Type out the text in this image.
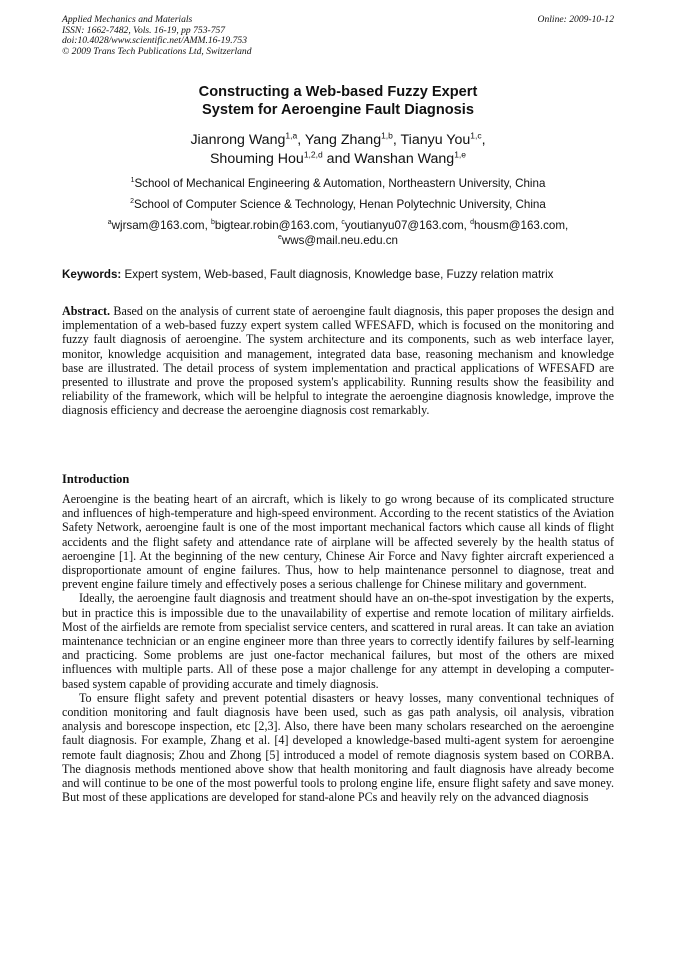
Applied Mechanics and Materials
ISSN: 1662-7482, Vols. 16-19, pp 753-757
doi:10.4028/www.scientific.net/AMM.16-19.753
© 2009 Trans Tech Publications Ltd, Switzerland
Online: 2009-10-12
Constructing a Web-based Fuzzy Expert
System for Aeroengine Fault Diagnosis
Jianrong Wang$^{1,a}$, Yang Zhang$^{1,b}$, Tianyu You$^{1,c}$,
Shouming Hou$^{1,2,d}$ and Wanshan Wang$^{1,e}$
$^1$School of Mechanical Engineering & Automation, Northeastern University, China
$^2$School of Computer Science & Technology, Henan Polytechnic University, China
$^a$wjrsam@163.com, $^b$bigtear.robin@163.com, $^c$youtianyu07@163.com, $^d$housm@163.com,
$^e$wws@mail.neu.edu.cn
Keywords: Expert system, Web-based, Fault diagnosis, Knowledge base, Fuzzy relation matrix
Abstract. Based on the analysis of current state of aeroengine fault diagnosis, this paper proposes the design and implementation of a web-based fuzzy expert system called WFESAFD, which is focused on the monitoring and fuzzy fault diagnosis of aeroengine. The system architecture and its components, such as web interface layer, monitor, knowledge acquisition and management, integrated data base, reasoning mechanism and knowledge base are illustrated. The detail process of system implementation and practical applications of WFESAFD are presented to illustrate and prove the proposed system's applicability. Running results show the feasibility and reliability of the framework, which will be helpful to integrate the aeroengine diagnosis knowledge, improve the diagnosis efficiency and decrease the aeroengine diagnosis cost remarkably.
Introduction

Aeroengine is the beating heart of an aircraft, which is likely to go wrong because of its complicated structure and influences of high-temperature and high-speed environment. According to the recent statistics of the Aviation Safety Network, aeroengine fault is one of the most important mechanical factors which cause all kinds of flight accidents and the flight safety and attendance rate of airplane will be affected severely by the health status of aeroengine [1]. At the beginning of the new century, Chinese Air Force and Navy fighter aircraft experienced a disproportionate amount of engine failures. Thus, how to help maintenance personnel to diagnose, treat and prevent engine failure timely and effectively poses a serious challenge for Chinese military and government.

Ideally, the aeroengine fault diagnosis and treatment should have an on-the-spot investigation by the experts, but in practice this is impossible due to the unavailability of expertise and remote location of military airfields. Most of the airfields are remote from specialist service centers, and scattered in rural areas. It can take an aviation maintenance technician or an engine engineer more than three years to correctly identify failures by self-learning and practicing. Some problems are just one-factor mechanical failures, but most of the others are mixed influences with multiple parts. All of these pose a major challenge for any attempt in developing a computer-based system capable of providing accurate and timely diagnosis.

To ensure flight safety and prevent potential disasters or heavy losses, many conventional techniques of condition monitoring and fault diagnosis have been used, such as gas path analysis, oil analysis, vibration analysis and borescope inspection, etc [2,3]. Also, there have been many scholars researched on the aeroengine fault diagnosis. For example, Zhang et al. [4] developed a knowledge-based multi-agent system for aeroengine remote fault diagnosis; Zhou and Zhong [5] introduced a model of remote diagnosis system based on CORBA. The diagnosis methods mentioned above show that health monitoring and fault diagnosis have already become and will continue to be one of the most powerful tools to prolong engine life, ensure flight safety and save money. But most of these applications are developed for stand-alone PCs and heavily rely on the advanced diagnosis
